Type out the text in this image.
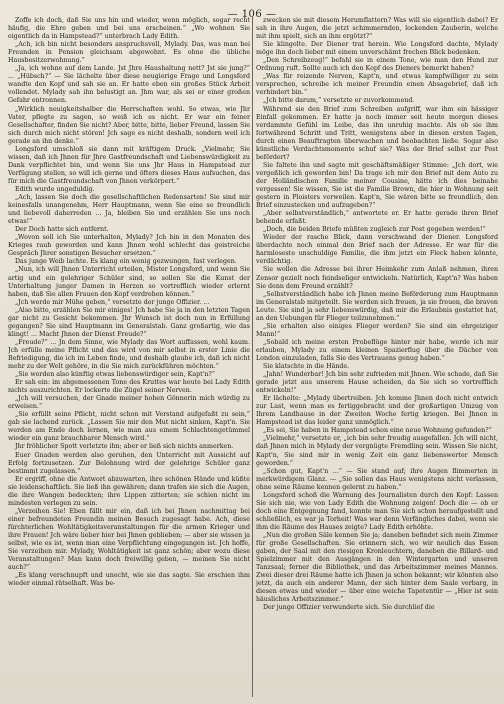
— 106 —

Zoffe ich doch, daß Sie uns hin und wieder, wenn möglich, sogar recht häufig, die Ehre geben und bei uns erscheinen.“ „Wo wohnen Sie eigentlich da in Hampstead?“ unterbrach Lady Edith.

„Ach, ich bin nicht besonders anspruchsvoll, Mylady. Das, was man bei Freunden in Pension gleichsam abgewohnt. Es ohne die übliche Hausbesitzerwohnung.“

„Ja, ich wohne auf dem Lande. Jst Jhre Haushaltung nett? Jst sie jung?“ ... „Hübsch?“ — Sie lächelte über diese neugierige Frage und Longsford wandte den Kopf und sah sie an. Er hatte eben ein großes Stück Arbeit vollendet. Mylady sah ihn belustigt an. Jhm war, als sei er einer großen Gefahr entronnen.

„Wirklich neuigkeitshalber die Herrschaften wohl. So etwas, wie Jhr Vater, pflegte zu sagen, so weiß ich es nicht. Er war ein feiner Gesellschafter, finden Sie nicht? Aber, bitte, bitte, lieber Freund, lassen Sie sich durch mich nicht stören! Jch sage es nicht deshalb, sondern weil ich gerade an ihn denke.“

Longsford umschloß sie dann mit kräftigem Druck. „Vielmehr, Sie wissen, daß ich Jhnen für Jhre Gastfreundschaft und Liebenswürdigkeit zu Dank verpflichtet bin, und wenn Sie uns Jhr Haus in Hampstead zur Verfügung stellen, so will ich gerne und öfters dieses Haus aufsuchen, das für mich die Gastfreundschaft von Jhnen verkörpert.“

Edith wurde ungeduldig.

„Ach, lassen Sie doch die gesellschaftlichen Redensarten! Sie sind mir keinesfalls unangenehm, Herr Hauptmann, wenn Sie eine so freundlich und liebevoll daherreden ... Ja, bleiben Sie und erzählen Sie uns noch etwas!“

Der Doch hatte sich entfernt.

„Wovon soll ich Sie unterhalten, Mylady? Jch bin in den Monaten des Krieges rauh geworden und kann Jhnen wohl schlecht das geistreiche Gespräch Jhrer sonstigen Besucher ersetzen.“

Das junge Weib lachte. Es klang ein wenig gezwungen, fast verlegen.

„Nun, ich will Jhnen Unterricht erteilen, Mister Longsford, und wenn Sie artig und ein gelehriger Schüler sind, so sollen Sie die Kunst der Unterhaltung junger Damen in Herzen so vortrefflich wieder erlernt haben, daß Sie allen Frauen den Kopf verdrehen können.“

„Jch werde mir Mühe geben,“ versetzte der junge Offizier. ...

„Also bitte, erzählen Sie mir einiges! Jch habe Sie ja in den letzten Tagen gar nicht zu Gesicht bekommen. Jhr Wunsch ist doch nun in Erfüllung gegangen? Sie sind Hauptmann im Generalstab. Ganz großartig, wie das klingt! ... Macht Jhnen der Dienst Freude?“

„Freude?“ ... Jn dem Sinne, wie Mylady das Wort auffassen, wohl kaum. Jch erfülle meine Pflicht und das wird von mir selbst in erster Linie die Befriedigung, die ich im Leben finde, und deshalb glaube ich, daß ich nicht mehr zu der Welt gehöre, in die Sie mich zurückführen möchten.“

„Sie werden also künftig etwas liebenswürdiger sein, Kapt'n?“

Er sah ein: im abgemessenen Tone des Kruttes war heute bei Lady Edith nichts auszurichten. Er lockerte die Zügel seiner Nerven.

„Jch will versuchen, der Gnade meiner hohen Gönnerin mich würdig zu erweisen.“

„Sie erfüllt seine Pflicht, nicht schon mit Verstand aufgefaßt zu sein,“ gab sie lachend zurück. „Lassen Sie mir den Mut nicht sinken, Kapt'n. Sie werden am Ende doch lernen, wie man aus einem Schlachtengetümmel wieder ein ganz brauchbarer Mensch wird.“

Jhr fröhlicher Spott verletzte ihn; aber er ließ sich nichts anmerken.

Euer Gnaden werden also geruhen, den Unterricht mit Aussicht auf Erfolg fortzusetzen. Zur Belohnung wird der gelehrige Schüler ganz bestimmt zugelassen.“

Er ergriff, ohne die Antwort abzuwarten, ihre schönen Hände und küßte sie leidenschaftlich. Sie ließ ihn gewähren; dann trafen sie sich die Augen, die ihre Wangen bedeckten; ihre Lippen zitterten; sie schien nicht im mindesten verlegen zu sein.

„Verzeihen Sie! Eben fällt mir ein, daß ich bei Jhnen nachmittag bei einer befreundeten Freundin meinen Besuch zugesagt habe. Ach, diese fürchterlichen Wohltätigkeitsveranstaltungen für die armen Krieger und ihre Frauen! Jch wäre lieber hier bei Jhnen geblieben; — aber sie wissen ja selbst, wie es ist, wenn man eine Verpflichtung eingegangen ist. Jch hoffe, Sie verzeihen mir. Mylady, Wohltätigkeit ist ganz schön; aber wozu diese Veranstaltungen? Man kann doch freiwillig geben, — meinen Sie nicht auch?“

„Es klang verschnupft und unecht, wie sie das sagte. Sie erschien ihm wieder einmal rätselhaft. Was be-

zwecken sie mit diesem Herumflattern? Was will sie eigentlich dabei? Er sah in ihre Augen, die jetzt schimmernden, lockenden Zauberin, welche mit ihm spielt, sich an ihm ergötzt?“

Sie klingelte. Der Diener trat herein. Wie Longsford dachte, Mylady möge ihn doch lieber mit einem unverschämt frechen Blick bedenken.

„Den Schreibzeug!“ befahl sie in einem Tone, wie man den Hund zur Ordnung ruft. Sollte auch ich den Kopf des Dieners bemerkt haben?

„Was für reizende Nerven, Kapt'n, und etwas kampfwilliger zu sein versprechen, schreibe ich meiner Freundin einen Absagebrief, daß ich verhindert bin.“

„Jch bitte darum,“ versetzte er zuvorkommend.

Während sie den Brief zum Schreiben aufgriff, war ihm ein hässiger Einfall gekommen. Er hatte ja noch immer seit heute morgen dieses verdammte Gefühl im Leibe, das ihn unruhig machte. Als ob sie ihm fortwährend Schritt und Tritt, wenigstens aber in diesen ersten Tagen, durch einen Beauftragten überwachen und beobachten ließe. Sogar also künstliche Verdachtsmomente schuf sie? Was der Brief selbst zur Post befördert?

Sie faltete ihn und sagte mit geschäftsmäßiger Stimme: „Jch dort, wie vergeßlich ich geworden bin! Da trage ich mir den Brief mit dem Auto zu der Holländischen Familie meiner Cousine, hätte ich dies beinahe vergessen! Sie wissen, Sie ist die Familie Brown, die hier in Wohnung seit gestern in Ploisters verweilen. Kapt'n, Sie wären bitte so freundlich, den Brief einzustecken und aufzugeben?“

„Aber selbstverständlich,“ antwortete er. Er hatte gerade ihren Brief behende erfaßt.

„Doch, die beiden Briefe müßten zugleich zur Post gegeben werden!“

Wieder der rasche Blick, dann verschwand der Diener. Longsford überdachte noch einmal den Brief nach der Adresse. Er war für die harmloseste unschuldige Familie, die ihm jetzt ein Fleck haben könnte, verdächtig.

Sie wollen die Adresse bei ihrer Heimkehr zum Anlaß nehmen, ihren Zensor gezielt noch feindseliger entwickeln. Natürlich, Kapt'n? Was haben Sie denn dem Freund erzählt?

„Selbstverständlich habe ich Jhnen meine Beförderung zum Hauptmann im Generalstab mitgeteilt. Sie werden sich freuen, ja sie freuen, die braven Leute. Sie sind ja sehr liebenswürdig, daß mir die Erlaubnis gestattet hat, an den Uebungen für Flieger teilzunehmen.“

„Sie erhalten also einiges Flieger werden? Sie sind ein ehrgeiziger Mann!“

„Sobald ich meine ersten Probeflüge hinter mir habe, werde ich mir erlauben, Mylady zu einem kleinen Spazierflug über die Dächer von London einzuladen, falls Sie des Vertrauens genug haben.“

Sie klatschte in die Hände.

„Jahn! Wunderbar! Jch bin sehr zufrieden mit Jhnen. Wie schade, daß Sie gerade jetzt aus unserem Hause scheiden, da Sie sich so vortrefflich entwickeln!“

Er lächelte: „Mylady übertreiben. Jch komme Jhnen doch nicht entwich zur Last, wenn man es fertiggebracht und der großartigen Umzug von Ihrem Landhause in der Zweiten Woche fertig kriegen. Bei Jhnen in Hampstead ist das leider ganz unmöglich.“

„Es sei, Sie haben in Hampstead schon eine neue Wohnung gefunden?“

„Vielmehr,“ versetzte er, „ich bin sehr freudig ausgefallen. Jch will nicht, daß Jhnen mich in Mylady der vergnügte Fremdling sein. Wissen Sie nicht, Kapt'n, Sie sind mir in wenig Zeit ein ganz liebenswerter Mensch geworden.“

„Schon gut, Kapt'n ...“ — Sie stand auf; ihre Augen flimmerten in merkwürdigem Glanz. — „Sie sollen das Haus wenigstens nicht verlassen, ohne seine Räume kennen gelernt zu haben.“

Longsford schoß die Warnung des Journalisten durch den Kopf: Lassen Sie sich nie, wie von Lady Edith die Wohnung zeigen! Doch die — ob er doch eine Entgegnung fand, konnte man Sie sich schon heraufgestellt und schließlich, es war ja Torheit! Was war denn Verfängliches dabei, wenn sie ihm die Räume des Hauses zeigte? Lady Edith erhöhte.

„Nun die großen Säle kennen Sie ja; daneben befindet sich mein Zimmer für große Gesellschaften. Sie erinnern sich, wo wir neulich das Essen gaben, der Saal mit den riesigen Kronleuchtern, daneben die Billard- und Spielzimmer mit den Ausgängen in den Wintergarten und unseren Tanzsaal; ferner die Bibliothek, und das Arbeitszimmer meines Mannes. Zwei dieser drei Räume hatte ich Jhnen ja schon bekannt; wir könnten also jetzt, da auch ein anderer Mann, der sich hinter dem Saale verbarg, in diesen etwas und wieder — über eine weiche Tapetentür — „Hier ist sein häusliches Arbeitszimmer.“

Der junge Offizier verwunderte sich. Sie durchlief die
